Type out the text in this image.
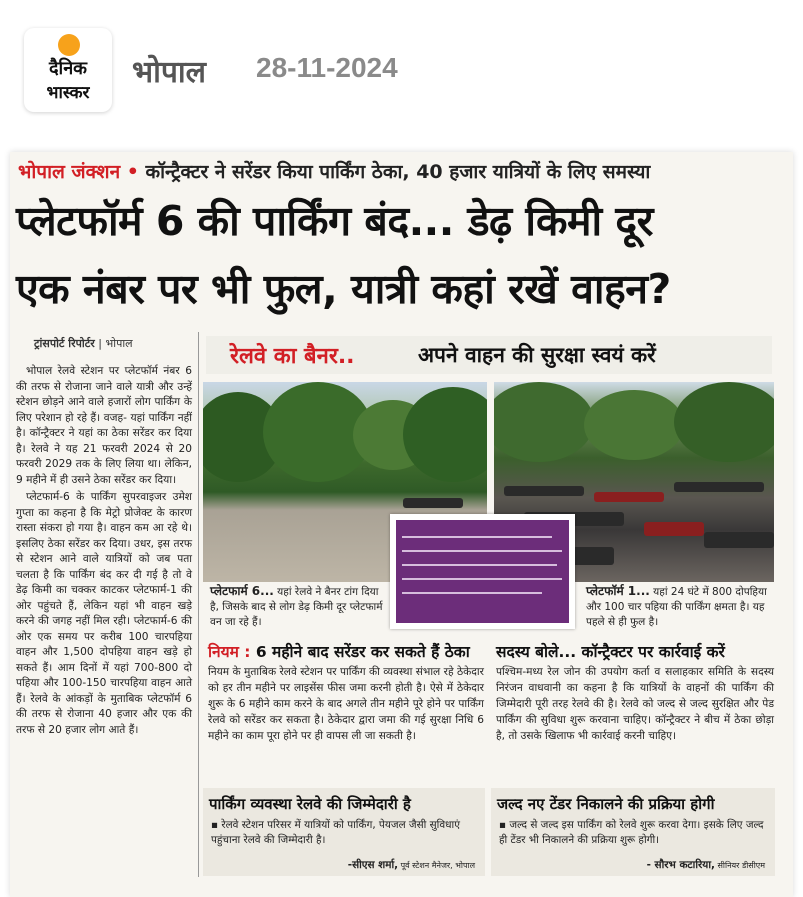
दैनिक
भास्कर
भोपाल 28-11-2024
भोपाल जंक्शन • कॉन्ट्रैक्टर ने सरेंडर किया पार्किंग ठेका, 40 हजार यात्रियों के लिए समस्या
प्लेटफॉर्म 6 की पार्किंग बंद... डेढ़ किमी दूर
एक नंबर पर भी फुल, यात्री कहां रखें वाहन?
ट्रांसपोर्ट रिपोर्टर | भोपाल

भोपाल रेलवे स्टेशन पर प्लेटफॉर्म नंबर 6 की तरफ से रोजाना जाने वाले यात्री और उन्हें स्टेशन छोड़ने आने वाले हजारों लोग पार्किंग के लिए परेशान हो रहे हैं। वजह- यहां पार्किंग नहीं है। कॉन्ट्रैक्टर ने यहां का ठेका सरेंडर कर दिया है। रेलवे ने यह 21 फरवरी 2024 से 20 फरवरी 2029 तक के लिए लिया था। लेकिन, 9 महीने में ही उसने ठेका सरेंडर कर दिया।

प्लेटफार्म-6 के पार्किंग सुपरवाइजर उमेश गुप्ता का कहना है कि मेट्रो प्रोजेक्ट के कारण रास्ता संकरा हो गया है। वाहन कम आ रहे थे। इसलिए ठेका सरेंडर कर दिया। उधर, इस तरफ से स्टेशन आने वाले यात्रियों को जब पता चलता है कि पार्किंग बंद कर दी गई है तो वे डेढ़ किमी का चक्कर काटकर प्लेटफार्म-1 की ओर पहुंचते हैं, लेकिन यहां भी वाहन खड़े करने की जगह नहीं मिल रही। प्लेटफार्म-6 की ओर एक समय पर करीब 100 चारपहिया वाहन और 1,500 दोपहिया वाहन खड़े हो सकते हैं। आम दिनों में यहां 700-800 दो पहिया और 100-150 चारपहिया वाहन आते हैं। रेलवे के आंकड़ों के मुताबिक प्लेटफॉर्म 6 की तरफ से रोजाना 40 हजार और एक की तरफ से 20 हजार लोग आते हैं।

रेलवे का बैनर..	अपने वाहन की सुरक्षा स्वयं करें
प्लेटफार्म 6... यहां रेलवे ने बैनर टांग दिया है, जिसके बाद से लोग डेढ़ किमी दूर प्लेटफार्म वन जा रहे हैं।
प्लेटफॉर्म 1... यहां 24 घंटे में 800 दोपहिया और 100 चार पहिया की पार्किंग क्षमता है। यह पहले से ही फुल है।
नियम : 6 महीने बाद सरेंडर कर सकते हैं ठेका
नियम के मुताबिक रेलवे स्टेशन पर पार्किंग की व्यवस्था संभाल रहे ठेकेदार को हर तीन महीने पर लाइसेंस फीस जमा करनी होती है। ऐसे में ठेकेदार शुरू के 6 महीने काम करने के बाद अगले तीन महीने पूरे होने पर पार्किंग रेलवे को सरेंडर कर सकता है। ठेकेदार द्वारा जमा की गई सुरक्षा निधि 6 महीने का काम पूरा होने पर ही वापस ली जा सकती है।
सदस्य बोले... कॉन्ट्रैक्टर पर कार्रवाई करें
पश्चिम-मध्य रेल जोन की उपयोग कर्ता व सलाहकार समिति के सदस्य निरंजन वाधवानी का कहना है कि यात्रियों के वाहनों की पार्किंग की जिम्मेदारी पूरी तरह रेलवे की है। रेलवे को जल्द से जल्द सुरक्षित और पेड पार्किंग की सुविधा शुरू करवाना चाहिए। कॉन्ट्रैक्टर ने बीच में ठेका छोड़ा है, तो उसके खिलाफ भी कार्रवाई करनी चाहिए।
पार्किंग व्यवस्था रेलवे की जिम्मेदारी है
▪ रेलवे स्टेशन परिसर में यात्रियों को पार्किंग, पेयजल जैसी सुविधाएं पहुंचाना रेलवे की जिम्मेदारी है।
-सीएस शर्मा, पूर्व स्टेशन मैनेजर, भोपाल
जल्द नए टेंडर निकालने की प्रक्रिया होगी
▪ जल्द से जल्द इस पार्किंग को रेलवे शुरू करवा देगा। इसके लिए जल्द ही टेंडर भी निकालने की प्रक्रिया शुरू होगी।
- सौरभ कटारिया, सीनियर डीसीएम
